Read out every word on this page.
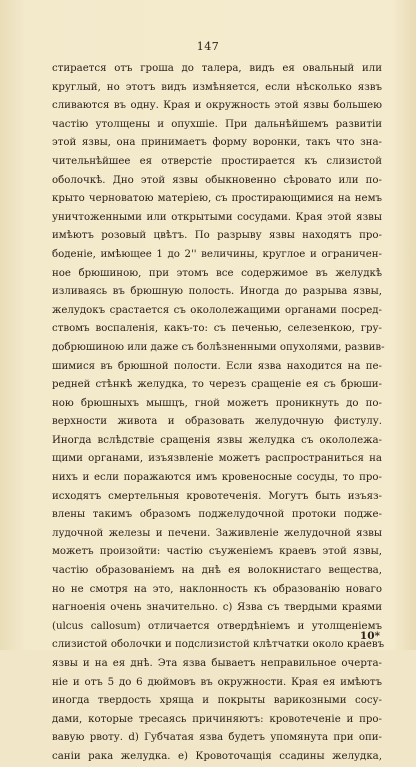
147
стирается отъ гроша до талера, видъ ея овальный или
круглый, но этотъ видъ измѣняется, если нѣсколько язвъ
сливаются въ одну. Края и окружность этой язвы большею
частію утолщены и опухшіе. При дальнѣйшемъ развитіи
этой язвы, она принимаетъ форму воронки, такъ что зна-
чительнѣйшее ея отверстіе простирается къ слизистой
оболочкѣ. Дно этой язвы обыкновенно сѣровато или по-
крыто черноватою матеріею, съ простирающимися на немъ
уничтоженными или открытыми сосудами. Края этой язвы
имѣютъ розовый цвѣтъ. По разрыву язвы находятъ про-
боденіе, имѣющее 1 до 2'' величины, круглое и ограничен-
ное брюшиною, при этомъ все содержимое въ желудкѣ
изливаясь въ брюшную полость. Иногда до разрыва язвы,
желудокъ срастается съ окололежащими органами посред-
ствомъ воспаленія, какъ-то: съ печенью, селезенкою, гру-
добрюшиною или даже съ болѣзненными опухолями, развив-
шимися въ брюшной полости. Если язва находится на пе-
редней стѣнкѣ желудка, то черезъ сращеніе ея съ брюши-
ною брюшныхъ мышцъ, гной можетъ проникнуть до по-
верхности живота и образовать желудочную фистулу.
Иногда вслѣдствіе сращенія язвы желудка съ окололежа-
щими органами, изъязвленіе можетъ распространиться на
нихъ и если поражаются имъ кровеносные сосуды, то про-
исходятъ смертельныя кровотеченія. Могутъ быть изъяз-
влены такимъ образомъ поджелудочной протоки подже-
лудочной железы и печени. Заживленіе желудочной язвы
можетъ произойти: частію съуженіемъ краевъ этой язвы,
частію образованіемъ на днѣ ея волокнистаго вещества,
но не смотря на это, наклонность къ образованію новаго
нагноенія очень значительно. c) Язва съ твердыми краями
(ulcus callosum) отличается отвердѣніемъ и утолщеніемъ
слизистой оболочки и подслизистой клѣтчатки около краевъ
язвы и на ея днѣ. Эта язва бываетъ неправильное очерта-
ніе и отъ 5 до 6 дюймовъ въ окружности. Края ея имѣютъ
иногда твердость хряща и покрыты варикозными сосу-
дами, которые тресаясь причиняютъ: кровотеченіе и про-
вавую рвоту. d) Губчатая язва будетъ упомянута при опи-
саніи рака желудка. e) Кровоточащія ссадины желудка,
10*
